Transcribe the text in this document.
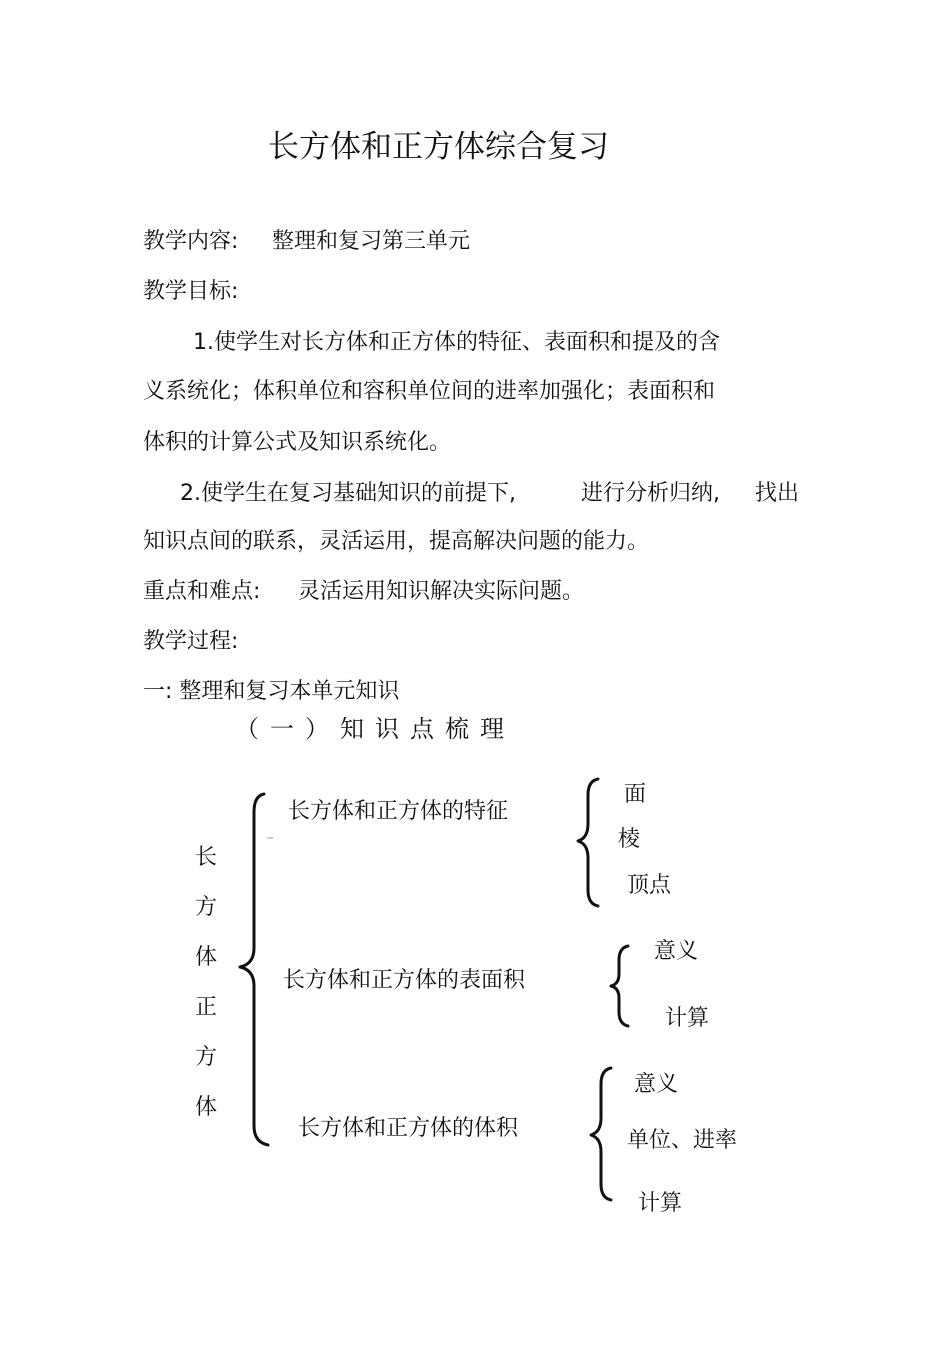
长方体和正方体综合复习
教学内容: 整理和复习第三单元
教学目标:
1.使学生对长方体和正方体的特征、表面积和提及的含
义系统化；体积单位和容积单位间的进率加强化；表面积和
体积的计算公式及知识系统化。
2.使学生在复习基础知识的前提下,	进行分析归纳, 找出
知识点间的联系，灵活运用，提高解决问题的能力。
重点和难点: 灵活运用知识解决实际问题。
教学过程:
一: 整理和复习本单元知识
（一）知识点梳理
长
方
体
正
方
体
长方体和正方体的特征
长方体和正方体的表面积
长方体和正方体的体积
面
棱
顶点
意义
计算
意义
单位、进率
计算
